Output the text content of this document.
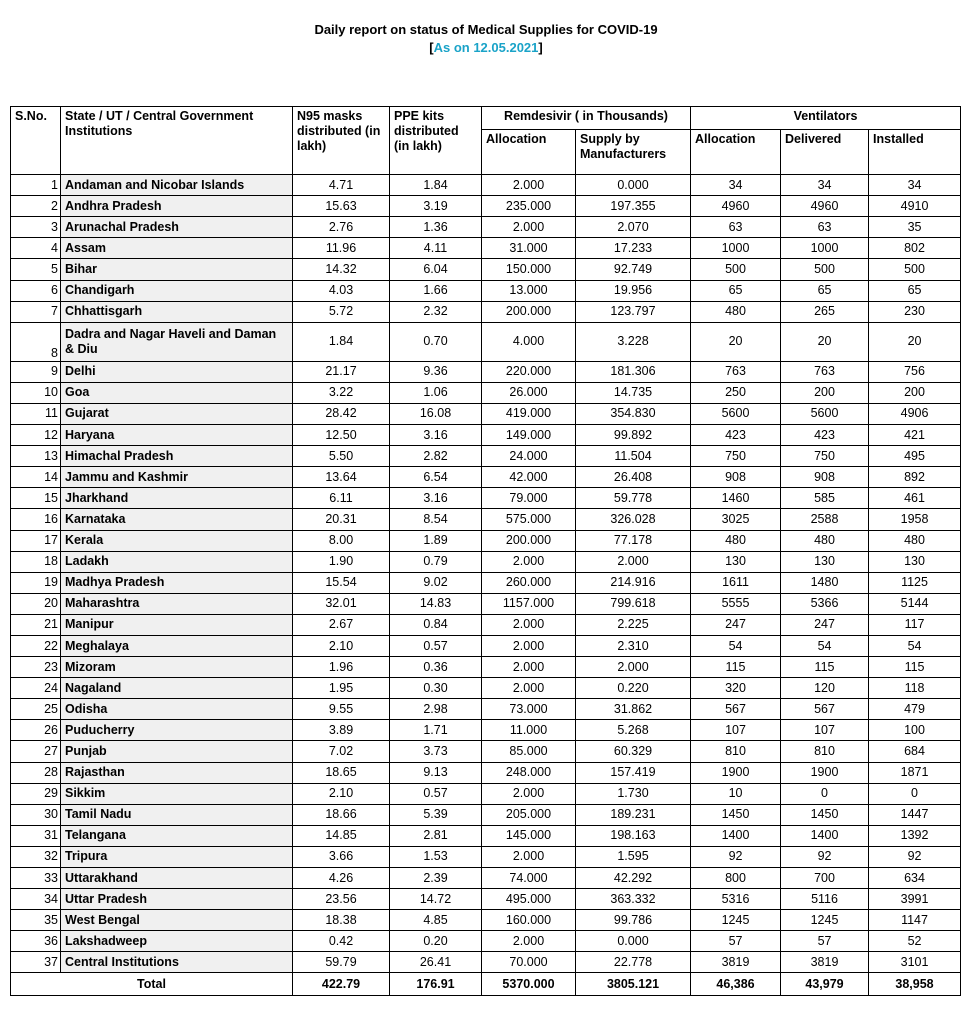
Daily report on status of Medical Supplies for COVID-19
[As on 12.05.2021]
S.No.	State / UT / Central Government Institutions	N95 masks distributed (in lakh)	PPE kits distributed (in lakh)	Remdesivir ( in Thousands)		Ventilators		
				Allocation	Supply by Manufacturers	Allocation	Delivered	Installed
1	Andaman and Nicobar Islands	4.71	1.84	2.000	0.000	34	34	34
2	Andhra Pradesh	15.63	3.19	235.000	197.355	4960	4960	4910
3	Arunachal Pradesh	2.76	1.36	2.000	2.070	63	63	35
4	Assam	11.96	4.11	31.000	17.233	1000	1000	802
5	Bihar	14.32	6.04	150.000	92.749	500	500	500
6	Chandigarh	4.03	1.66	13.000	19.956	65	65	65
7	Chhattisgarh	5.72	2.32	200.000	123.797	480	265	230
8	Dadra and Nagar Haveli and Daman & Diu	1.84	0.70	4.000	3.228	20	20	20
9	Delhi	21.17	9.36	220.000	181.306	763	763	756
10	Goa	3.22	1.06	26.000	14.735	250	200	200
11	Gujarat	28.42	16.08	419.000	354.830	5600	5600	4906
12	Haryana	12.50	3.16	149.000	99.892	423	423	421
13	Himachal Pradesh	5.50	2.82	24.000	11.504	750	750	495
14	Jammu and Kashmir	13.64	6.54	42.000	26.408	908	908	892
15	Jharkhand	6.11	3.16	79.000	59.778	1460	585	461
16	Karnataka	20.31	8.54	575.000	326.028	3025	2588	1958
17	Kerala	8.00	1.89	200.000	77.178	480	480	480
18	Ladakh	1.90	0.79	2.000	2.000	130	130	130
19	Madhya Pradesh	15.54	9.02	260.000	214.916	1611	1480	1125
20	Maharashtra	32.01	14.83	1157.000	799.618	5555	5366	5144
21	Manipur	2.67	0.84	2.000	2.225	247	247	117
22	Meghalaya	2.10	0.57	2.000	2.310	54	54	54
23	Mizoram	1.96	0.36	2.000	2.000	115	115	115
24	Nagaland	1.95	0.30	2.000	0.220	320	120	118
25	Odisha	9.55	2.98	73.000	31.862	567	567	479
26	Puducherry	3.89	1.71	11.000	5.268	107	107	100
27	Punjab	7.02	3.73	85.000	60.329	810	810	684
28	Rajasthan	18.65	9.13	248.000	157.419	1900	1900	1871
29	Sikkim	2.10	0.57	2.000	1.730	10	0	0
30	Tamil Nadu	18.66	5.39	205.000	189.231	1450	1450	1447
31	Telangana	14.85	2.81	145.000	198.163	1400	1400	1392
32	Tripura	3.66	1.53	2.000	1.595	92	92	92
33	Uttarakhand	4.26	2.39	74.000	42.292	800	700	634
34	Uttar Pradesh	23.56	14.72	495.000	363.332	5316	5116	3991
35	West Bengal	18.38	4.85	160.000	99.786	1245	1245	1147
36	Lakshadweep	0.42	0.20	2.000	0.000	57	57	52
37	Central Institutions	59.79	26.41	70.000	22.778	3819	3819	3101
Total		422.79	176.91	5370.000	3805.121	46,386	43,979	38,958
